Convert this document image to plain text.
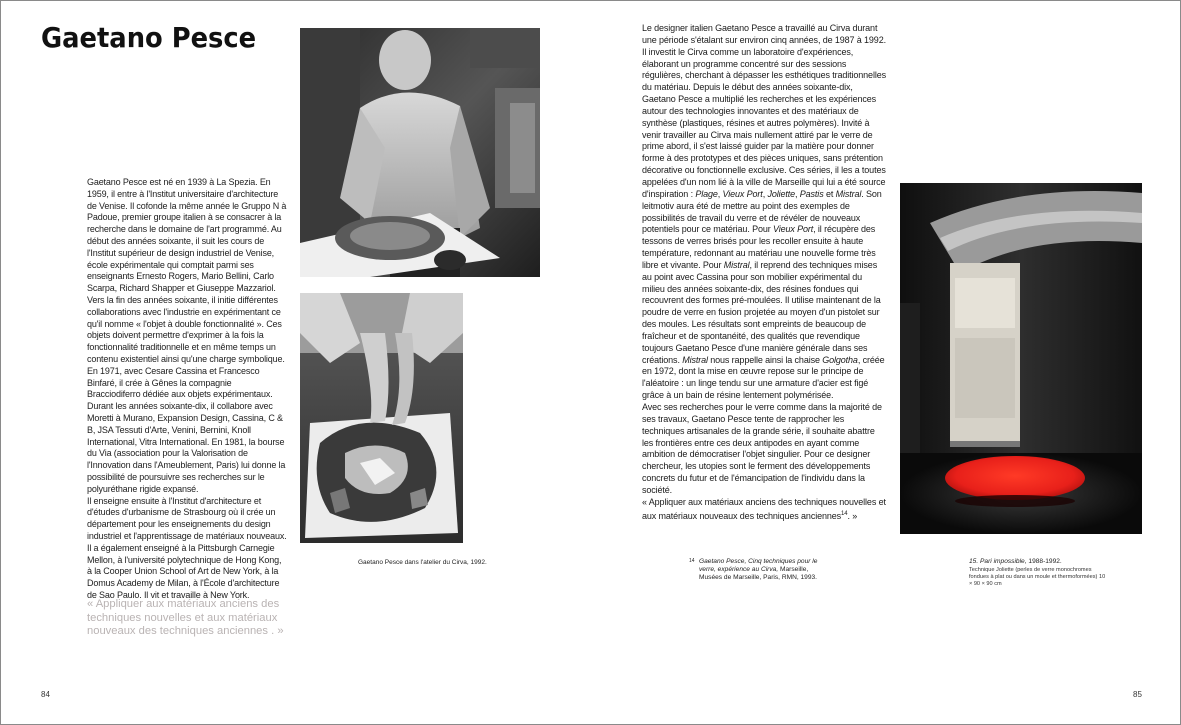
Gaetano Pesce

Gaetano Pesce est né en 1939 à La Spezia. En 1959, il entre à l'Institut universitaire d'architecture de Venise. Il cofonde la même année le Gruppo N à Padoue, premier groupe italien à se consacrer à la recherche dans le domaine de l'art programmé. Au début des années soixante, il suit les cours de l'Institut supérieur de design industriel de Venise, école expérimentale qui comptait parmi ses enseignants Ernesto Rogers, Mario Bellini, Carlo Scarpa, Richard Shapper et Giuseppe Mazzariol.

Vers la fin des années soixante, il initie différentes collaborations avec l'industrie en expérimentant ce qu'il nomme « l'objet à double fonctionnalité ». Ces objets doivent permettre d'exprimer à la fois la fonctionnalité traditionnelle et en même temps un contenu existentiel ainsi qu'une charge symbolique. En 1971, avec Cesare Cassina et Francesco Binfaré, il crée à Gênes la compagnie Bracciodiferro dédiée aux objets expérimentaux. Durant les années soixante-dix, il collabore avec Moretti à Murano, Expansion Design, Cassina, C & B, JSA Tessuti d'Arte, Venini, Bernini, Knoll International, Vitra International. En 1981, la bourse du Via (association pour la Valorisation de l'Innovation dans l'Ameublement, Paris) lui donne la possibilité de poursuivre ses recherches sur le polyuréthane rigide expansé.

Il enseigne ensuite à l'Institut d'architecture et d'études d'urbanisme de Strasbourg où il crée un département pour les enseignements du design industriel et l'apprentissage de matériaux nouveaux. Il a également enseigné à la Pittsburgh Carnegie Mellon, à l'université polytechnique de Hong Kong, à la Cooper Union School of Art de New York, à la Domus Academy de Milan, à l'École d'architecture de Sao Paulo. Il vit et travaille à New York.

« Appliquer aux matériaux anciens des techniques nouvelles et aux matériaux nouveaux des techniques anciennes . »

Gaetano Pesce dans l'atelier du Cirva, 1992.

84

Le designer italien Gaetano Pesce a travaillé au Cirva durant une période s'étalant sur environ cinq années, de 1987 à 1992. Il investit le Cirva comme un laboratoire d'expériences, élaborant un programme concentré sur des sessions régulières, cherchant à dépasser les esthétiques traditionnelles du matériau. Depuis le début des années soixante-dix, Gaetano Pesce a multiplié les recherches et les expériences autour des technologies innovantes et des matériaux de synthèse (plastiques, résines et autres polymères). Invité à venir travailler au Cirva mais nullement attiré par le verre de prime abord, il s'est laissé guider par la matière pour donner forme à des prototypes et des pièces uniques, sans prétention décorative ou fonctionnelle exclusive. Ces séries, il les a toutes appelées d'un nom lié à la ville de Marseille qui lui a été source d'inspiration : Plage, Vieux Port, Joliette, Pastis et Mistral. Son leitmotiv aura été de mettre au point des exemples de possibilités de travail du verre et de révéler de nouveaux potentiels pour ce matériau. Pour Vieux Port, il récupère des tessons de verres brisés pour les recoller ensuite à haute température, redonnant au matériau une nouvelle forme très libre et vivante. Pour Mistral, il reprend des techniques mises au point avec Cassina pour son mobilier expérimental du milieu des années soixante-dix, des résines fondues qui recouvrent des formes pré-moulées. Il utilise maintenant de la poudre de verre en fusion projetée au moyen d'un pistolet sur des moules. Les résultats sont empreints de beaucoup de fraîcheur et de spontanéité, des qualités que revendique toujours Gaetano Pesce d'une manière générale dans ses créations. Mistral nous rappelle ainsi la chaise Golgotha, créée en 1972, dont la mise en œuvre repose sur le principe de l'aléatoire : un linge tendu sur une armature d'acier est figé grâce à un bain de résine lentement polymérisée.

Avec ses recherches pour le verre comme dans la majorité de ses travaux, Gaetano Pesce tente de rapprocher les techniques artisanales de la grande série, il souhaite abattre les frontières entre ces deux antipodes en ayant comme ambition de démocratiser l'objet singulier. Pour ce designer chercheur, les utopies sont le ferment des développements concrets du futur et de l'émancipation de l'individu dans la société.

« Appliquer aux matériaux anciens des techniques nouvelles et aux matériaux nouveaux des techniques anciennes$^{14}$. »

14 Gaetano Pesce, Cinq techniques pour le verre, expérience au Cirva, Marseille, Musées de Marseille, Paris, RMN, 1993.
15. Pari impossible, 1988-1992.
Technique Joliette (perles de verre monochromes fondues à plat ou dans un moule et thermoformées) 10 × 90 × 90 cm
85
